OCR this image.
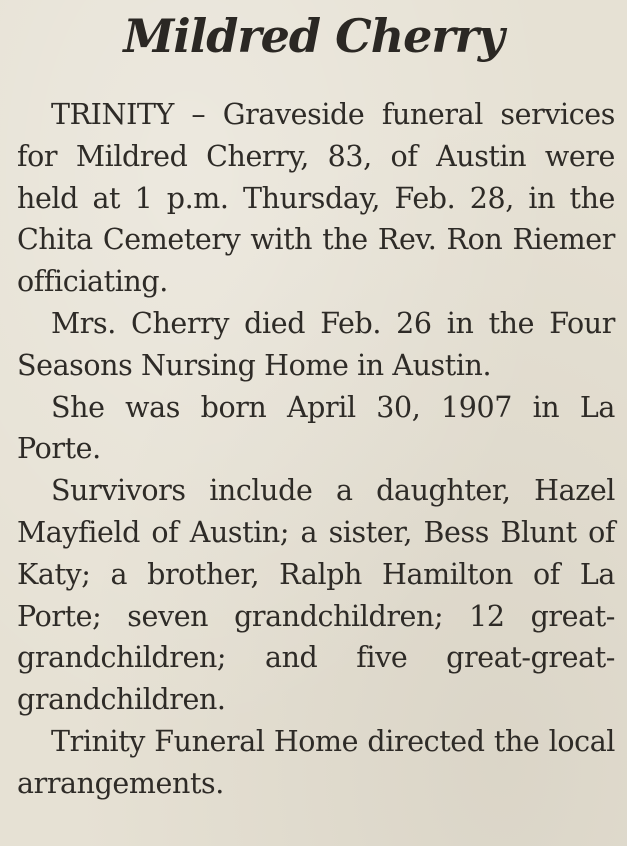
Mildred Cherry

TRINITY – Graveside funeral services for Mildred Cherry, 83, of Austin were held at 1 p.m. Thursday, Feb. 28, in the Chita Cemetery with the Rev. Ron Riemer officiating.

Mrs. Cherry died Feb. 26 in the Four Seasons Nursing Home in Austin.

She was born April 30, 1907 in La Porte.

Survivors include a daughter, Hazel Mayfield of Austin; a sister, Bess Blunt of Katy; a brother, Ralph Hamilton of La Porte; seven grandchildren; 12 great-grandchildren; and five great-great-grandchildren.

Trinity Funeral Home directed the local arrangements.
